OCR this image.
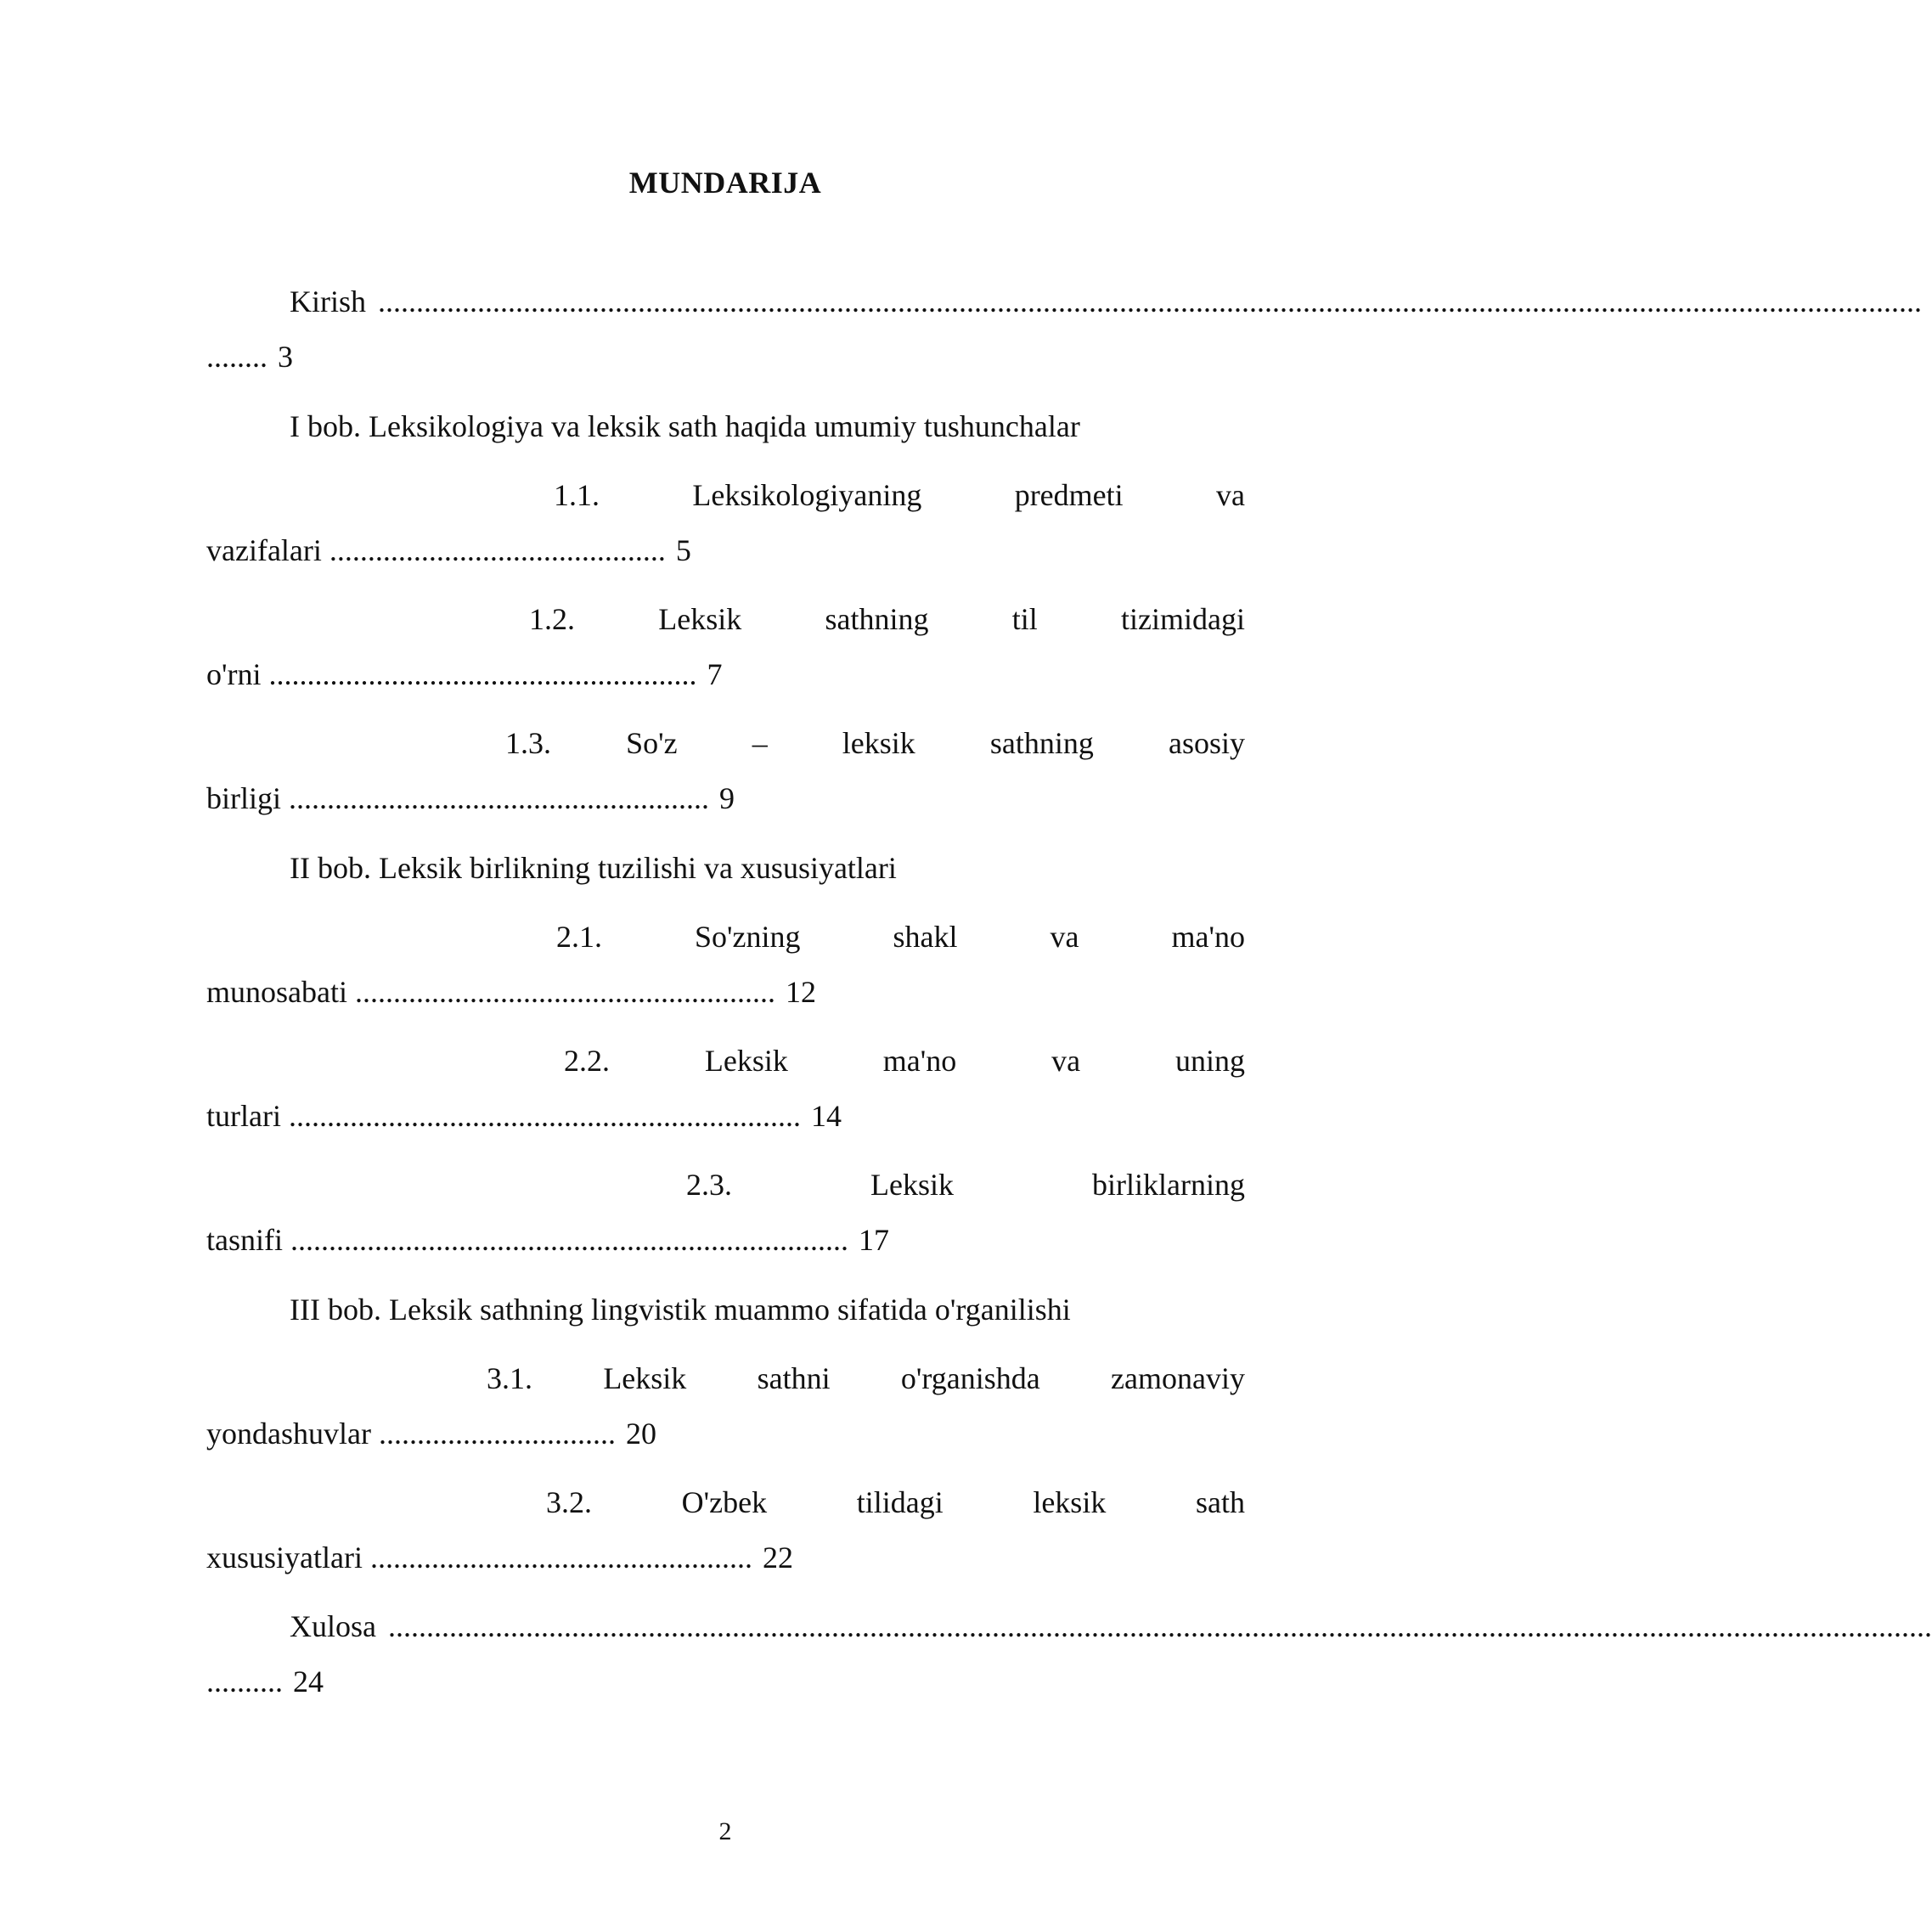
MUNDARIJA
Kirish ..........................................................................................................................................................................................................
........ 3
I bob. Leksikologiya va leksik sath haqida umumiy tushunchalar
1.1.	Leksikologiyaning	predmeti	va
vazifalari ............................................ 5
1.2.	Leksik	sathning	til	tizimidagi
o'rni ........................................................ 7
1.3. So'z – leksik sathning asosiy
birligi ....................................................... 9
II bob. Leksik birlikning tuzilishi va xususiyatlari
2.1.	So'zning	shakl	va	ma'no
munosabati ....................................................... 12
2.2.	Leksik	ma'no	va	uning
turlari ................................................................... 14
2.3.	Leksik	birliklarning
tasnifi ......................................................................... 17
III bob. Leksik sathning lingvistik muammo sifatida o'rganilishi
3.1. Leksik sathni o'rganishda zamonaviy
yondashuvlar ............................... 20
3.2.	O'zbek	tilidagi	leksik	sath
xususiyatlari .................................................. 22
Xulosa ..........................................................................................................................................................................................................
.......... 24
2
